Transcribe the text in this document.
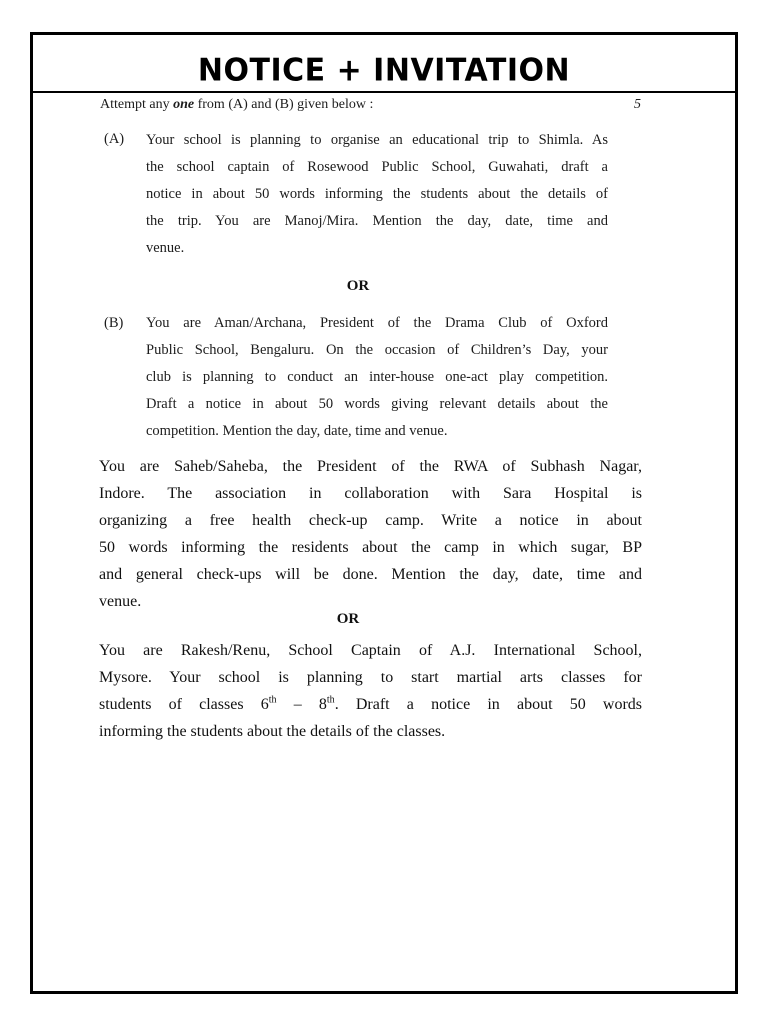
NOTICE + INVITATION
Attempt any one from (A) and (B) given below :	5
(A) Your school is planning to organise an educational trip to Shimla. As
the school captain of Rosewood Public School, Guwahati, draft a
notice in about 50 words informing the students about the details of
the trip. You are Manoj/Mira. Mention the day, date, time and
venue.
OR
(B) You are Aman/Archana, President of the Drama Club of Oxford
Public School, Bengaluru. On the occasion of Children’s Day, your
club is planning to conduct an inter-house one-act play competition.
Draft a notice in about 50 words giving relevant details about the
competition. Mention the day, date, time and venue.
You are Saheb/Saheba, the President of the RWA of Subhash Nagar,
Indore. The association in collaboration with Sara Hospital is
organizing a free health check-up camp. Write a notice in about
50 words informing the residents about the camp in which sugar, BP
and general check-ups will be done. Mention the day, date, time and
venue.
OR
You are Rakesh/Renu, School Captain of A.J. International School,
Mysore. Your school is planning to start martial arts classes for
students of classes 6th – 8th. Draft a notice in about 50 words
informing the students about the details of the classes.
